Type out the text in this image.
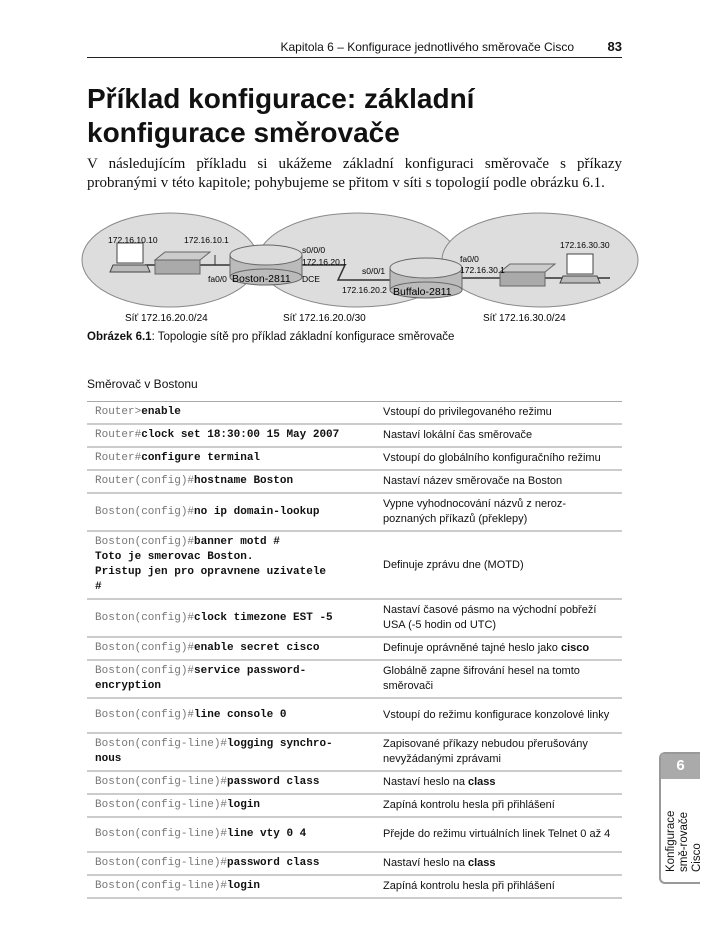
Kapitola 6 – Konfigurace jednotlivého směrovače Cisco	83
Příklad konfigurace: základní konfigurace směrovače

V následujícím příkladu si ukážeme základní konfiguraci směrovače s příkazy probranými v této kapitole; pohybujeme se přitom v síti s topologií podle obrázku 6.1.

172.16.10.10	172.16.10.1
fa0/0 Boston-2811
s0/0/0
172.16.20.1
DCE
s0/0/1
172.16.20.2 Buffalo-2811
fa0/0
172.16.30.1
172.16.30.30
Síť 172.16.20.0/24	Síť 172.16.20.0/30	Síť 172.16.30.0/24
Obrázek 6.1: Topologie sítě pro příklad základní konfigurace směrovače
Směrovač v Bostonu
Router>enable	Vstoupí do privilegovaného režimu
Router#clock set 18:30:00 15 May 2007	Nastaví lokální čas směrovače
Router#configure terminal	Vstoupí do globálního konfiguračního režimu
Router(config)#hostname Boston	Nastaví název směrovače na Boston
Boston(config)#no ip domain-lookup	Vypne vyhodnocování názvů z neroz-poznaných příkazů (překlepy)
Boston(config)#banner motd #
Toto je smerovac Boston.
Pristup jen pro opravnene uzivatele
#	Definuje zprávu dne (MOTD)
Boston(config)#clock timezone EST -5	Nastaví časové pásmo na východní pobřeží USA (-5 hodin od UTC)
Boston(config)#enable secret cisco	Definuje oprávněné tajné heslo jako cisco
Boston(config)#service password-
encryption	Globálně zapne šifrování hesel na tomto směrovači
Boston(config)#line console 0	Vstoupí do režimu konfigurace konzolové linky
Boston(config-line)#logging synchro-
nous	Zapisované příkazy nebudou přerušovány nevyžádanými zprávami
Boston(config-line)#password class	Nastaví heslo na class
Boston(config-line)#login	Zapíná kontrolu hesla při přihlášení
Boston(config-line)#line vty 0 4	Přejde do režimu virtuálních linek Telnet 0 až 4
Boston(config-line)#password class	Nastaví heslo na class
Boston(config-line)#login	Zapíná kontrolu hesla při přihlášení
6
Konfigurace smě-rovače Cisco
